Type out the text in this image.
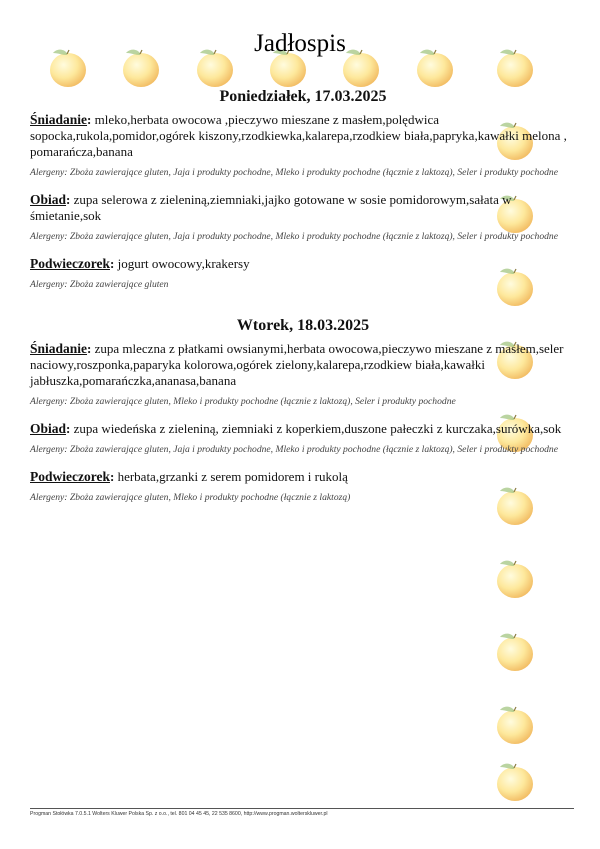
Jadłospis
Poniedziałek, 17.03.2025

Śniadanie: mleko,herbata owocowa ,pieczywo mieszane z masłem,polędwica sopocka,rukola,pomidor,ogórek kiszony,rzodkiewka,kalarepa,rzodkiew biała,papryka,kawałki melona , pomarańcza,banana

Alergeny: Zboża zawierające gluten, Jaja i produkty pochodne, Mleko i produkty pochodne (łącznie z laktozą), Seler i produkty pochodne

Obiad: zupa selerowa z zieleniną,ziemniaki,jajko gotowane w sosie pomidorowym,sałata w śmietanie,sok

Alergeny: Zboża zawierające gluten, Jaja i produkty pochodne, Mleko i produkty pochodne (łącznie z laktozą), Seler i produkty pochodne

Podwieczorek: jogurt owocowy,krakersy

Alergeny: Zboża zawierające gluten

Wtorek, 18.03.2025

Śniadanie: zupa mleczna z płatkami owsianymi,herbata owocowa,pieczywo mieszane z masłem,seler naciowy,roszponka,paparyka kolorowa,ogórek zielony,kalarepa,rzodkiew biała,kawałki jabłuszka,pomarańczka,ananasa,banana

Alergeny: Zboża zawierające gluten, Mleko i produkty pochodne (łącznie z laktozą), Seler i produkty pochodne

Obiad: zupa wiedeńska z zieleniną, ziemniaki z koperkiem,duszone pałeczki z kurczaka,surówka,sok

Alergeny: Zboża zawierające gluten, Jaja i produkty pochodne, Mleko i produkty pochodne (łącznie z laktozą), Seler i produkty pochodne

Podwieczorek: herbata,grzanki z serem pomidorem i rukolą

Alergeny: Zboża zawierające gluten, Mleko i produkty pochodne (łącznie z laktozą)

Progman Stołówka 7.0.5.1 Wolters Kluwer Polska Sp. z o.o., tel. 801 04 45 45, 22 535 8600, http://www.progman.wolterskluwer.pl
